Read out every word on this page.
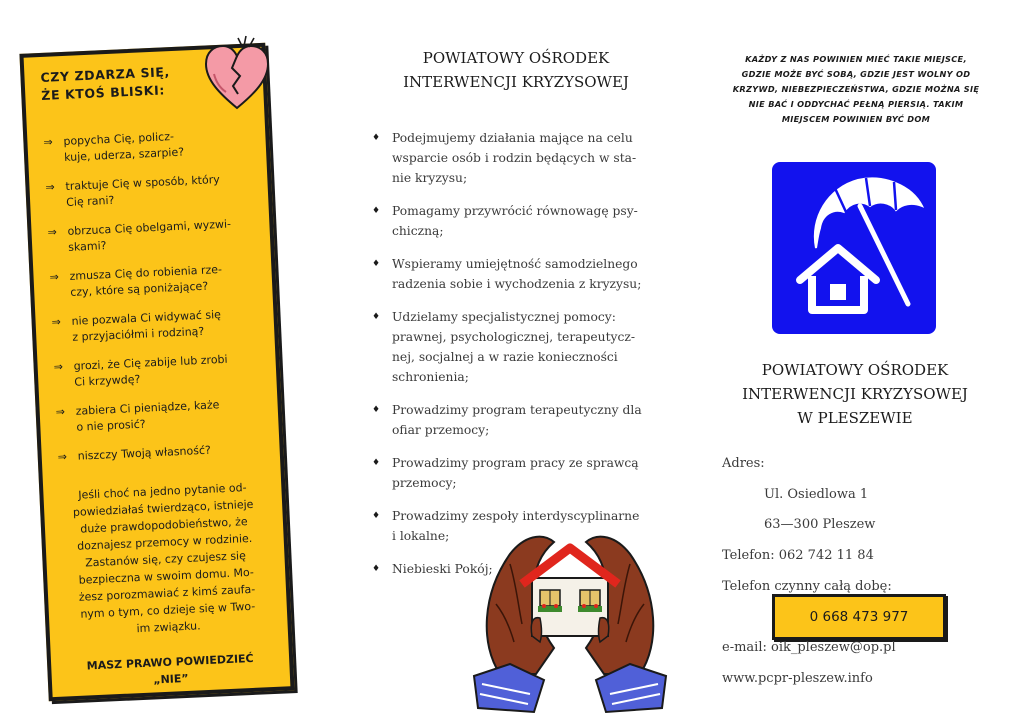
CZY ZDARZA SIĘ,
ŻE KTOŚ BLISKI:

⇒ popycha Cię, policz-
kuje, uderza, szarpie?
⇒ traktuje Cię w sposób, który
Cię rani?
⇒ obrzuca Cię obelgami, wyzwi-
skami?
⇒ zmusza Cię do robienia rze-
czy, które są poniżające?
⇒ nie pozwala Ci widywać się
z przyjaciółmi i rodziną?
⇒ grozi, że Cię zabije lub zrobi
Ci krzywdę?
⇒ zabiera Ci pieniądze, każe
o nie prosić?
⇒ niszczy Twoją własność?

Jeśli choć na jedno pytanie od-
powiedziałaś twierdząco, istnieje
duże prawdopodobieństwo, że
doznajesz przemocy w rodzinie.
Zastanów się, czy czujesz się
bezpieczna w swoim domu. Mo-
żesz porozmawiać z kimś zaufa-
nym o tym, co dzieje się w Two-
im związku.

MASZ PRAWO POWIEDZIEĆ
„NIE”

POWIATOWY OŚRODEK
INTERWENCJI KRYZYSOWEJ
♦ Podejmujemy działania mające na celu
wsparcie osób i rodzin będących w sta-
nie kryzysu;
♦ Pomagamy przywrócić równowagę psy-
chiczną;
♦ Wspieramy umiejętność samodzielnego
radzenia sobie i wychodzenia z kryzysu;
♦ Udzielamy specjalistycznej pomocy:
prawnej, psychologicznej, terapeutycz-
nej, socjalnej a w razie konieczności
schronienia;
♦ Prowadzimy program terapeutyczny dla
ofiar przemocy;
♦ Prowadzimy program pracy ze sprawcą
przemocy;
♦ Prowadzimy zespoły interdyscyplinarne
i lokalne;
♦ Niebieski Pokój;
KAŻDY Z NAS POWINIEN MIEĆ TAKIE MIEJSCE,
GDZIE MOŻE BYĆ SOBĄ, GDZIE JEST WOLNY OD
KRZYWD, NIEBEZPIECZEŃSTWA, GDZIE MOŻNA SIĘ
NIE BAĆ I ODDYCHAĆ PEŁNĄ PIERSIĄ. TAKIM
MIEJSCEM POWINIEN BYĆ DOM
POWIATOWY OŚRODEK
INTERWENCJI KRYZYSOWEJ
W PLESZEWIE
Adres:
Ul. Osiedlowa 1
63—300 Pleszew
Telefon: 062 742 11 84
Telefon czynny całą dobę:
0 668 473 977
e-mail: oik_pleszew@op.pl
www.pcpr-pleszew.info
